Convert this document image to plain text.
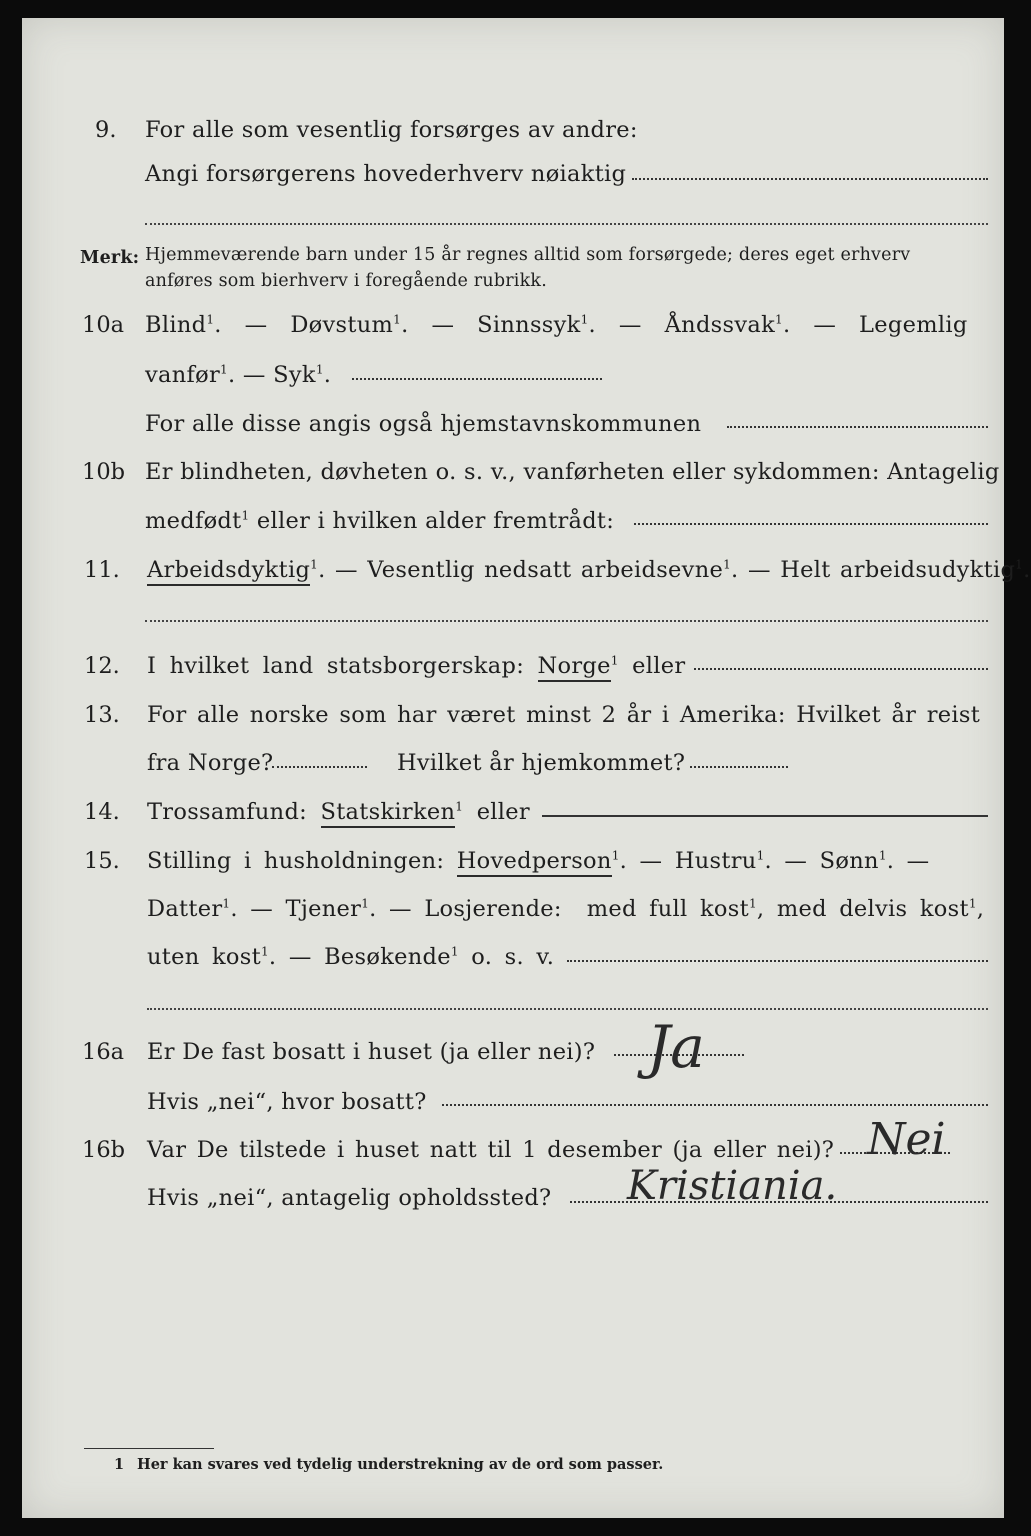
9. For alle som vesentlig forsørges av andre:
Angi forsørgerens hovederhverv nøiaktig
Merk: Hjemmeværende barn under 15 år regnes alltid som forsørgede; deres eget erhverv
anføres som bierhverv i foregående rubrikk.
10a Blind$^1$. — Døvstum$^1$. — Sinnssyk$^1$. — Åndssvak$^1$. — Legemlig
vanfør$^1$. — Syk$^1$.
For alle disse angis også hjemstavnskommunen
10b Er blindheten, døvheten o. s. v., vanførheten eller sykdommen: Antagelig
medfødt$^1$ eller i hvilken alder fremtrådt:
11. Arbeidsdyktig$^1$. — Vesentlig nedsatt arbeidsevne$^1$. — Helt arbeidsudyktig$^1$.
12. I hvilket land statsborgerskap: Norge$^1$ eller
13. For alle norske som har været minst 2 år i Amerika: Hvilket år reist
fra Norge?	Hvilket år hjemkommet?
14. Trossamfund: Statskirken$^1$ eller
15. Stilling i husholdningen: Hovedperson$^1$. — Hustru$^1$. — Sønn$^1$. —
Datter$^1$. — Tjener$^1$. — Losjerende: med full kost$^1$, med delvis kost$^1$,
uten kost$^1$. — Besøkende$^1$ o. s. v.
16a Er De fast bosatt i huset (ja eller nei)? Ja
Hvis „nei“, hvor bosatt?
16b Var De tilstede i huset natt til 1 desember (ja eller nei)? Nei
Hvis „nei“, antagelig opholdssted? Kristiania.
1 Her kan svares ved tydelig understrekning av de ord som passer.
